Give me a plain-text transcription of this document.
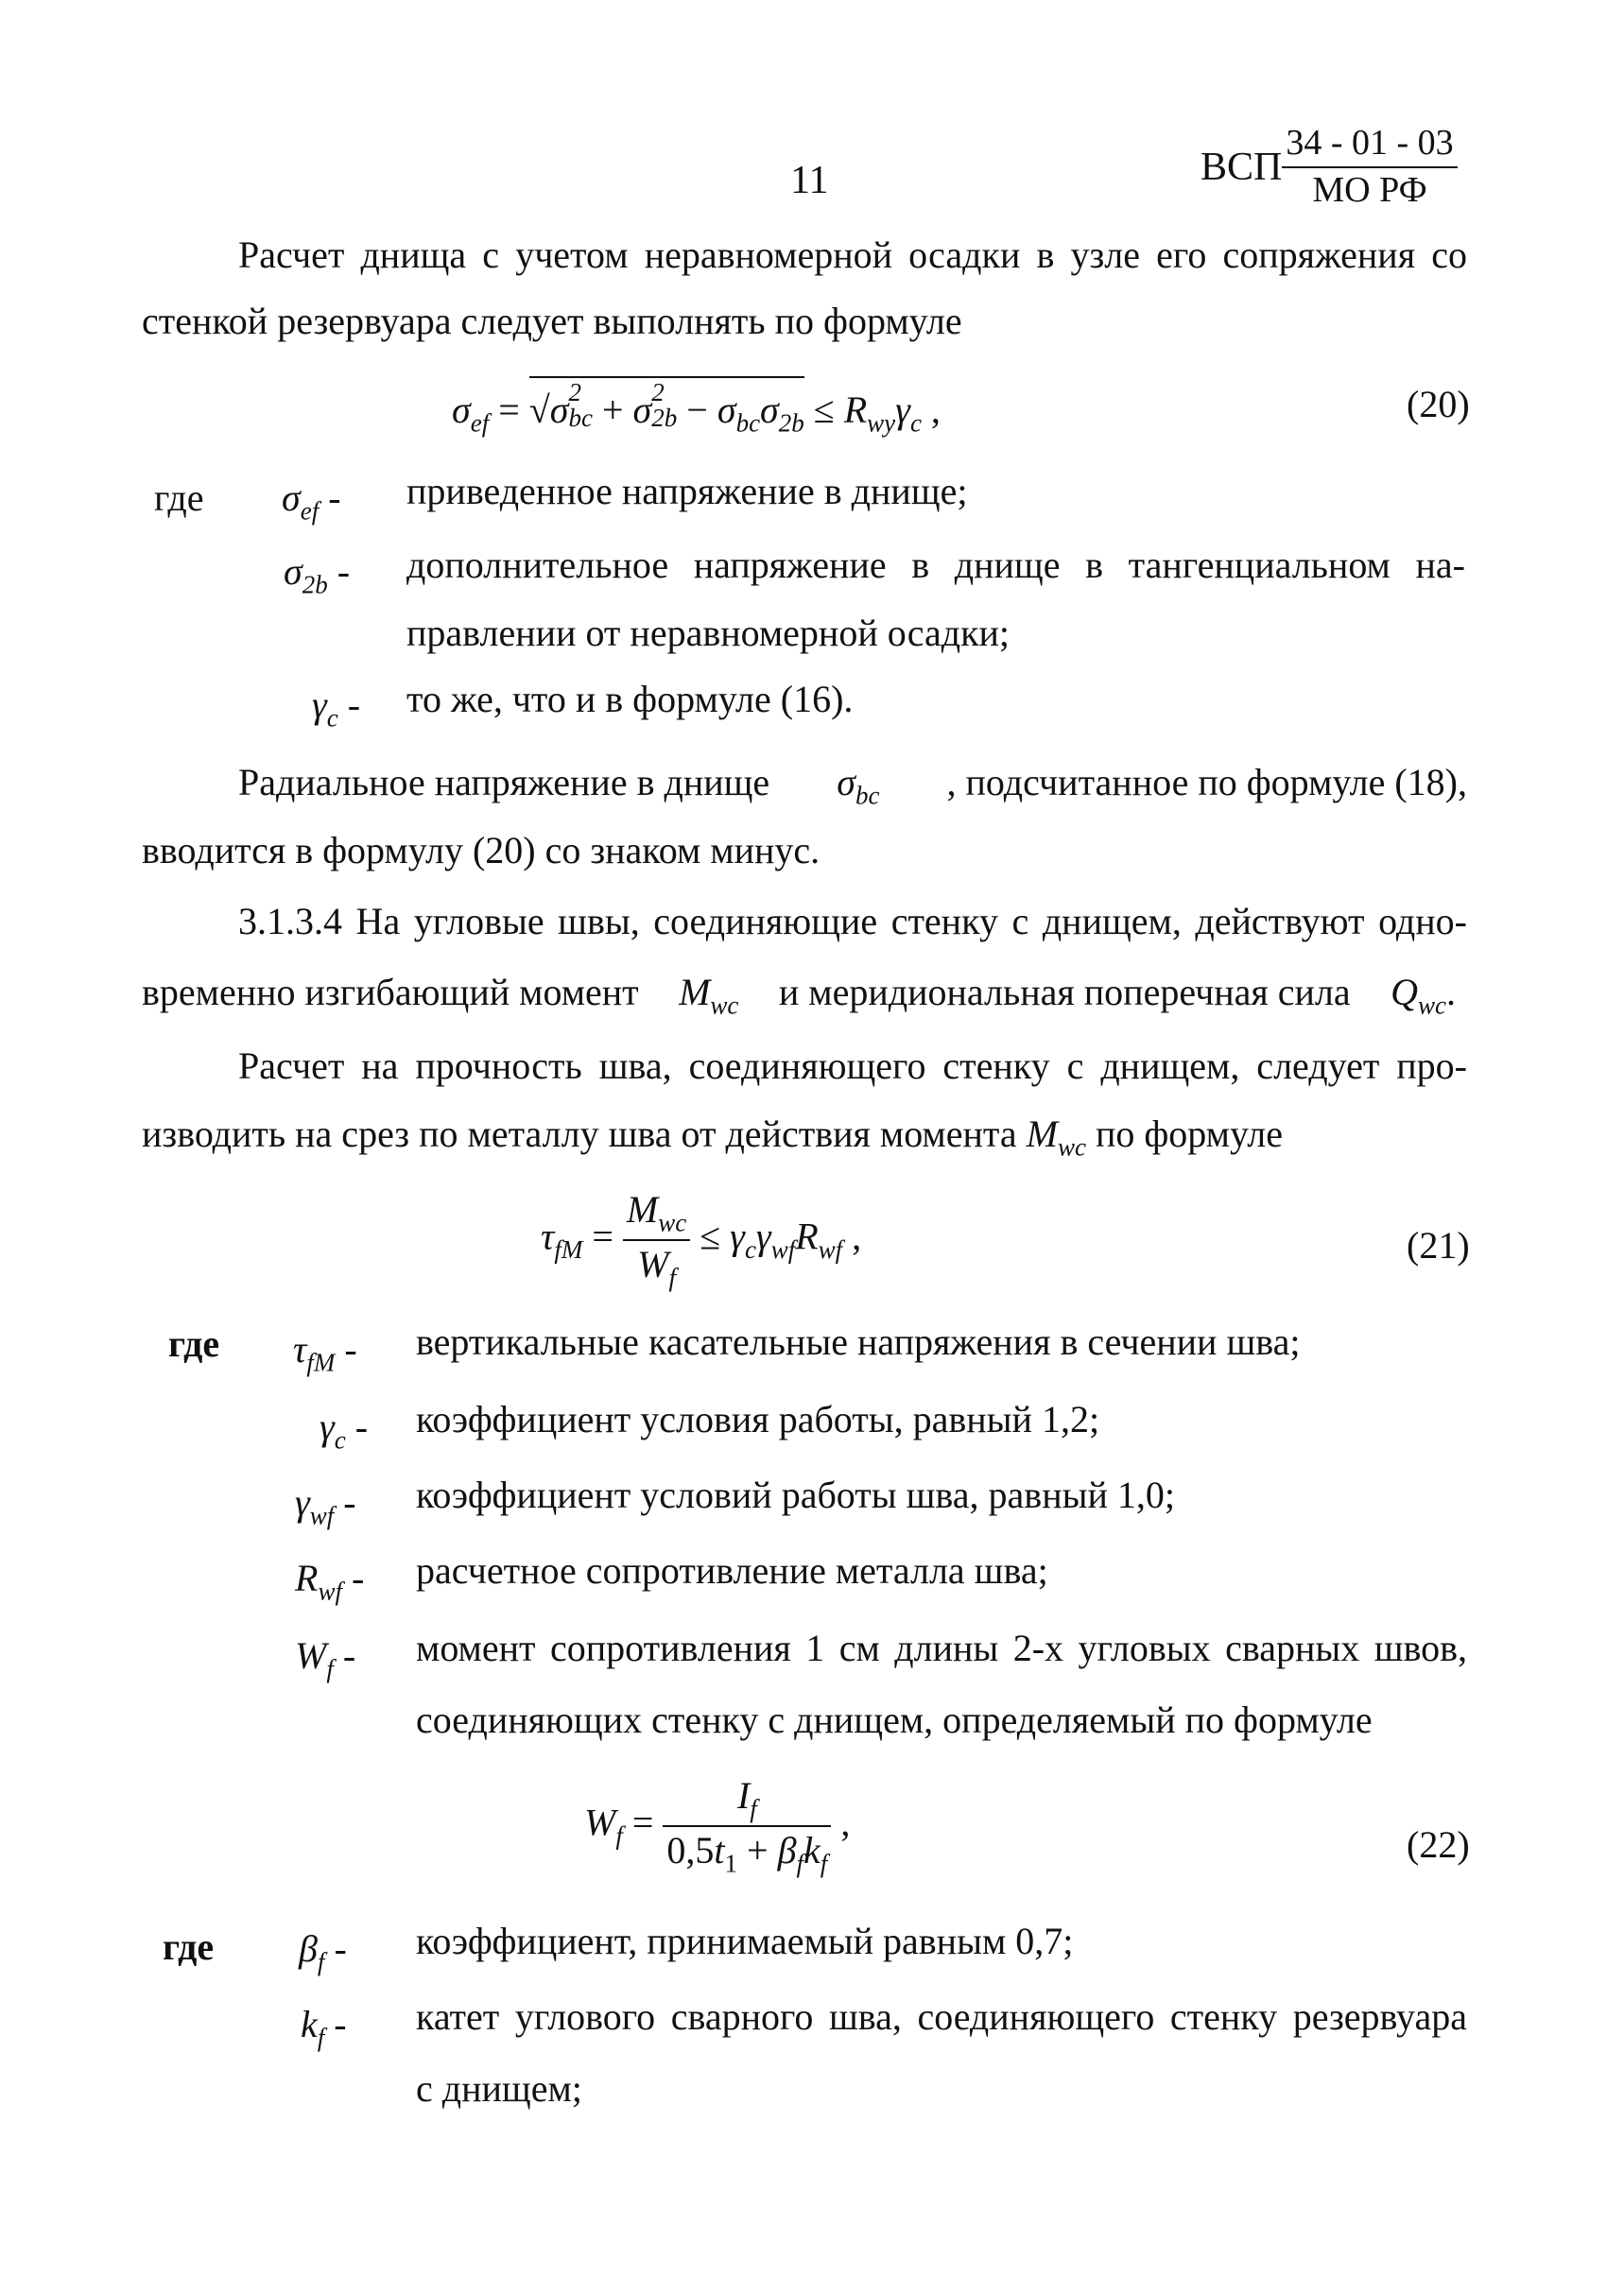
11	ВСП $\frac{34 - 01 - 03}{\text{МО РФ}}$
Расчет днища с учетом неравномерной осадки в узле его сопряжения со
стенкой резервуара следует выполнять по формуле
$\sigma_{ef} = √\sigma$ 2
bc + σ 2
$2b - \sigma_{bc}\sigma_{2b} \le R_{wy}\gamma_c$ ,	(20)
где $\sigma_{ef}$ - приведенное напряжение в днище;
$\sigma_{2b}$ - дополнительное напряжение в днище в тангенциальном на-
правлении от неравномерной осадки;
$\gamma_c$ - то же, что и в формуле (16).
Радиальное напряжение в днище $\sigma_{bc}$ , подсчитанное по формуле (18),
вводится в формулу (20) со знаком минус.
3.1.3.4 На угловые швы, соединяющие стенку с днищем, действуют одно-
временно изгибающий момент $M_{wc}$ и меридиональная поперечная сила $Q_{wc}$.
Расчет на прочность шва, соединяющего стенку с днищем, следует про-
изводить на срез по металлу шва от действия момента $M_{wc}$ по формуле
$\tau_{fM} = \frac{M_{wc}}{W_f} \le \gamma_c\gamma_{wf}R_{wf}$ ,	(21)
где $\tau_{fM}$ - вертикальные касательные напряжения в сечении шва;
$\gamma_c$ - коэффициент условия работы, равный 1,2;
$\gamma_{wf}$ - коэффициент условий работы шва, равный 1,0;
$R_{wf}$ - расчетное сопротивление металла шва;
$W_f$ - момент сопротивления 1 см длины 2-х угловых сварных швов,
соединяющих стенку с днищем, определяемый по формуле
$W_f = \frac{I_f}{0,5t_1 + \beta_fk_f}$ ,
(22)
где $\beta_f$ - коэффициент, принимаемый равным 0,7;
$k_f$ - катет углового сварного шва, соединяющего стенку резервуара
с днищем;
